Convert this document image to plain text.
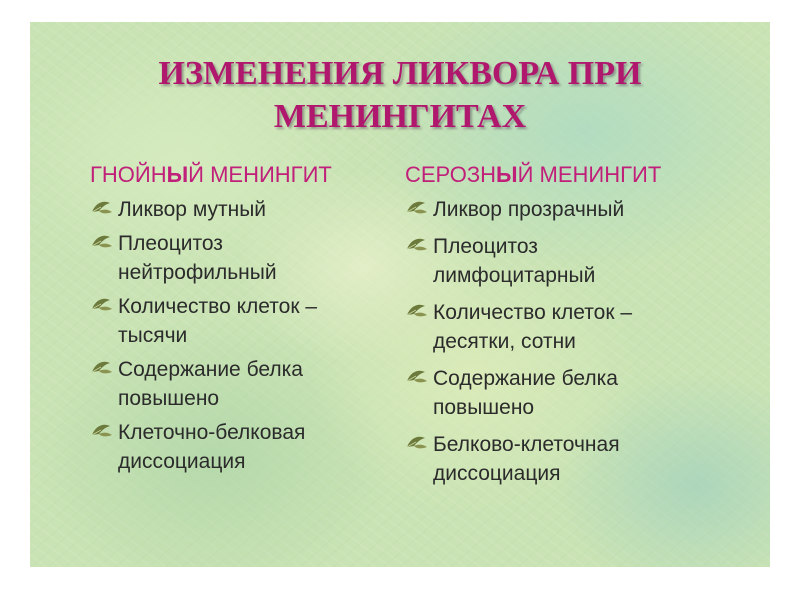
ИЗМЕНЕНИЯ ЛИКВОРА ПРИ
МЕНИНГИТАХ
ГНОЙНЫЙ МЕНИНГИТ
Ликвор мутный
Плеоцитоз
нейтрофильный
Количество клеток –
тысячи
Содержание белка
повышено
Клеточно-белковая
диссоциация
СЕРОЗНЫЙ МЕНИНГИТ
Ликвор прозрачный
Плеоцитоз
лимфоцитарный
Количество клеток –
десятки, сотни
Содержание белка
повышено
Белково-клеточная
диссоциация
